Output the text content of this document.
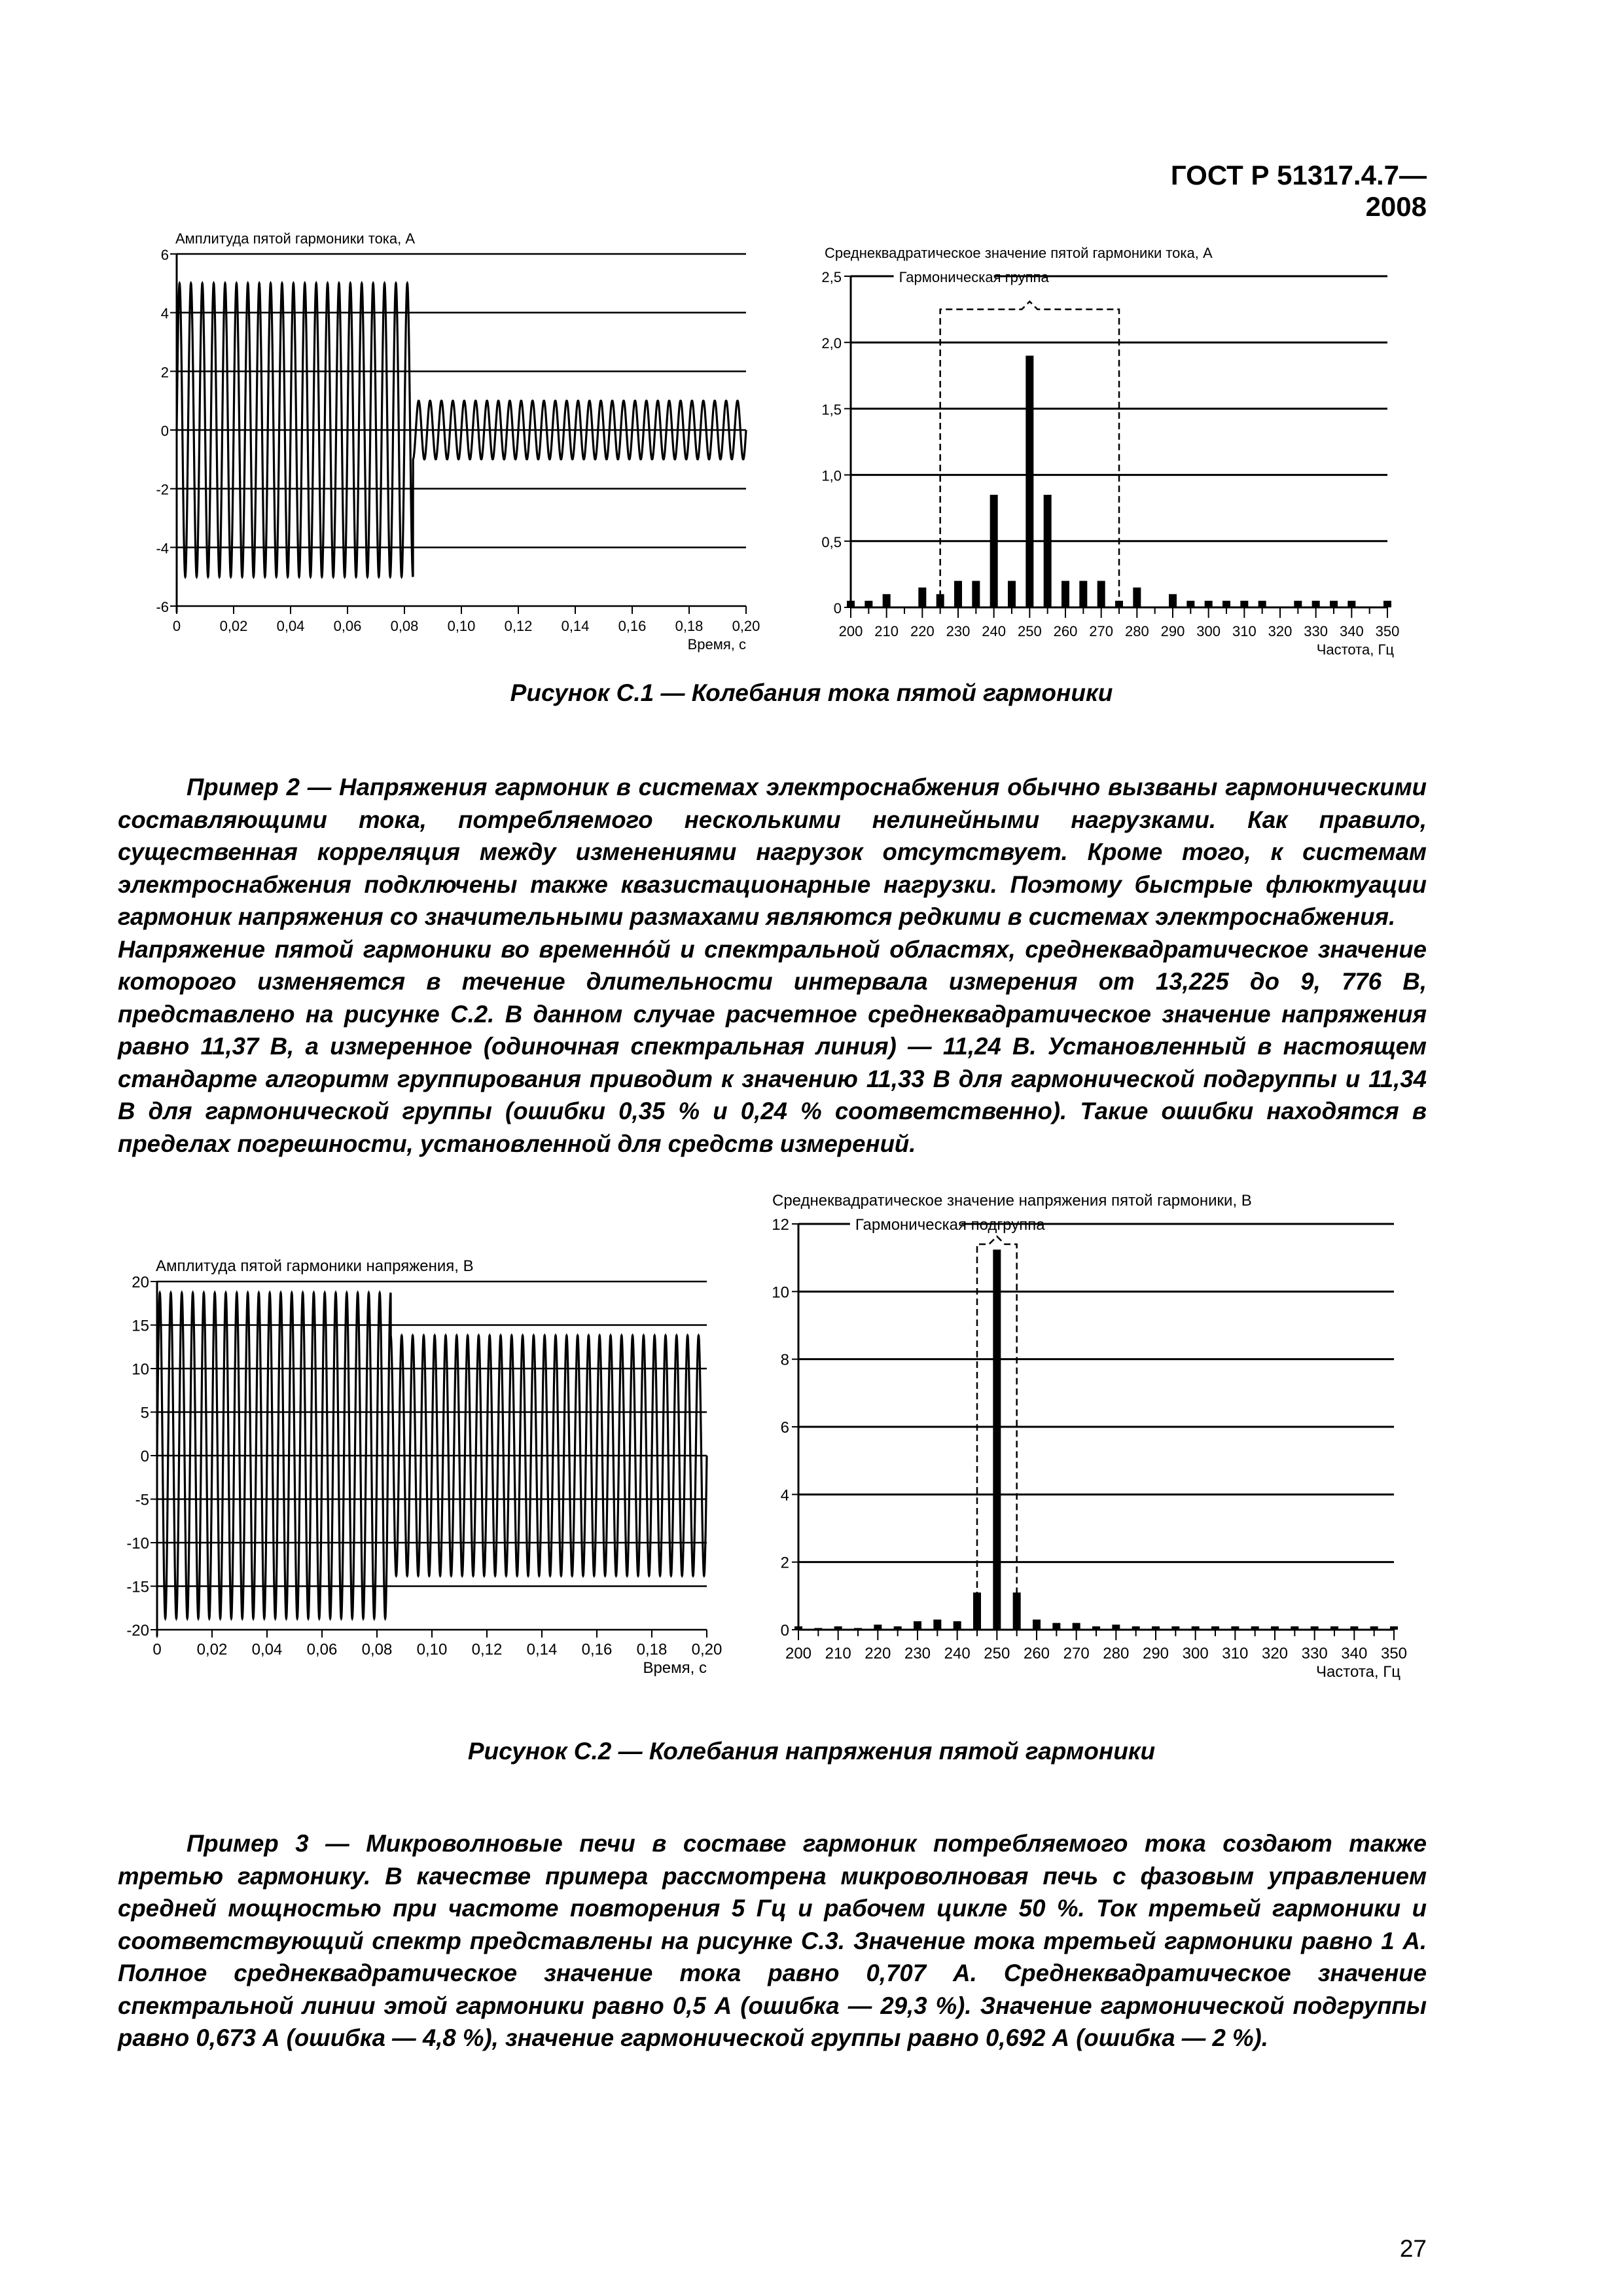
ГОСТ Р 51317.4.7—2008
Амплитуда пятой гармоники тока, А
6
4
2
0
-2
-4
-6
0	0,02 0,04 0,06 0,08 0,10 0,12 0,14 0,16 0,18 0,20
Время, с
Среднеквадратическое значение пятой гармоники тока, А
2,5
2,0
1,5
1,0
0,5
0
Гармоническая группа
200 210 220 230 240 250 260 270 280 290 300 310 320 330 340 350
Частота, Гц
Рисунок С.1 — Колебания тока пятой гармоники

Пример 2 — Напряжения гармоник в системах электроснабжения обычно вызваны гармоническими составляющими тока, потребляемого несколькими нелинейными нагрузками. Как правило, существенная корреляция между изменениями нагрузок отсутствует. Кроме того, к системам электроснабжения подключены также квазистационарные нагрузки. Поэтому быстрые флюктуации гармоник напряжения со значительными размахами являются редкими в системах электроснабжения.

Напряжение пятой гармоники во временно́й и спектральной областях, среднеквадратическое значение которого изменяется в течение длительности интервала измерения от 13,225 до 9, 776 В, представлено на рисунке С.2. В данном случае расчетное среднеквадратическое значение напряжения равно 11,37 В, а измеренное (одиночная спектральная линия) — 11,24 В. Установленный в настоящем стандарте алгоритм группирования приводит к значению 11,33 В для гармонической подгруппы и 11,34 В для гармонической группы (ошибки 0,35 % и 0,24 % соответственно). Такие ошибки находятся в пределах погрешности, установленной для средств измерений.

Амплитуда пятой гармоники напряжения, В
20
15
10
5
0
-5
-10
-15
-20
0 0,02 0,04 0,06 0,08 0,10 0,12 0,14 0,16 0,18 0,20
Время, с
Среднеквадратическое значение напряжения пятой гармоники, В
12
10
8
6
4
2
0
Гармоническая подгруппа
200 210 220 230 240 250 260 270 280 290 300 310 320 330 340 350
Частота, Гц
Рисунок С.2 — Колебания напряжения пятой гармоники

Пример 3 — Микроволновые печи в составе гармоник потребляемого тока создают также третью гармонику. В качестве примера рассмотрена микроволновая печь с фазовым управлением средней мощностью при частоте повторения 5 Гц и рабочем цикле 50 %. Ток третьей гармоники и соответствующий спектр представлены на рисунке С.3. Значение тока третьей гармоники равно 1 А. Полное среднеквадратическое значение тока равно 0,707 А. Среднеквадратическое значение спектральной линии этой гармоники равно 0,5 А (ошибка — 29,3 %). Значение гармонической подгруппы равно 0,673 А (ошибка — 4,8 %), значение гармонической группы равно 0,692 А (ошибка — 2 %).

27
